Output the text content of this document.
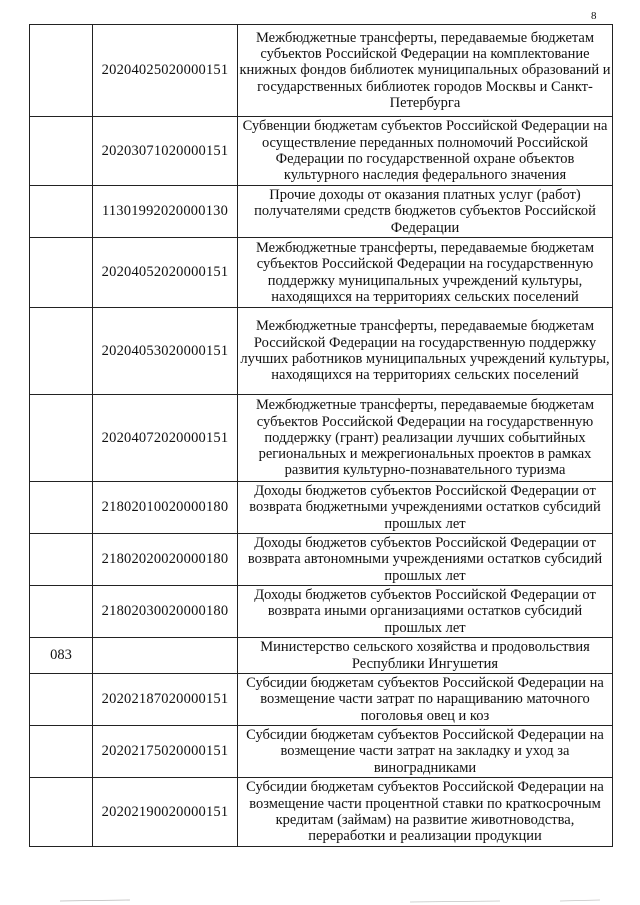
8
	20204025020000151	Межбюджетные трансферты, передаваемые бюджетам субъектов Российской Федерации на комплектование книжных фондов библиотек муниципальных образований и государственных библиотек городов Москвы и Санкт-Петербурга
	20203071020000151	Субвенции бюджетам субъектов Российской Федерации на осуществление переданных полномочий Российской Федерации по государственной охране объектов культурного наследия федерального значения
	11301992020000130	Прочие доходы от оказания платных услуг (работ) получателями средств бюджетов субъектов Российской Федерации
	20204052020000151	Межбюджетные трансферты, передаваемые бюджетам субъектов Российской Федерации на государственную поддержку муниципальных учреждений культуры, находящихся на территориях сельских поселений
	20204053020000151	Межбюджетные трансферты, передаваемые бюджетам Российской Федерации на государственную поддержку лучших работников муниципальных учреждений культуры, находящихся на территориях сельских поселений
	20204072020000151	Межбюджетные трансферты, передаваемые бюджетам субъектов Российской Федерации на государственную поддержку (грант) реализации лучших событийных региональных и межрегиональных проектов в рамках развития культурно-познавательного туризма
	21802010020000180	Доходы бюджетов субъектов Российской Федерации от возврата бюджетными учреждениями остатков субсидий прошлых лет
	21802020020000180	Доходы бюджетов субъектов Российской Федерации от возврата автономными учреждениями остатков субсидий прошлых лет
	21802030020000180	Доходы бюджетов субъектов Российской Федерации от возврата иными организациями остатков субсидий прошлых лет
083		Министерство сельского хозяйства и продовольствия Республики Ингушетия
	20202187020000151	Субсидии бюджетам субъектов Российской Федерации на возмещение части затрат по наращиванию маточного поголовья овец и коз
	20202175020000151	Субсидии бюджетам субъектов Российской Федерации на возмещение части затрат на закладку и уход за виноградниками
	20202190020000151	Субсидии бюджетам субъектов Российской Федерации на возмещение части процентной ставки по краткосрочным кредитам (займам) на развитие животноводства, переработки и реализации продукции
